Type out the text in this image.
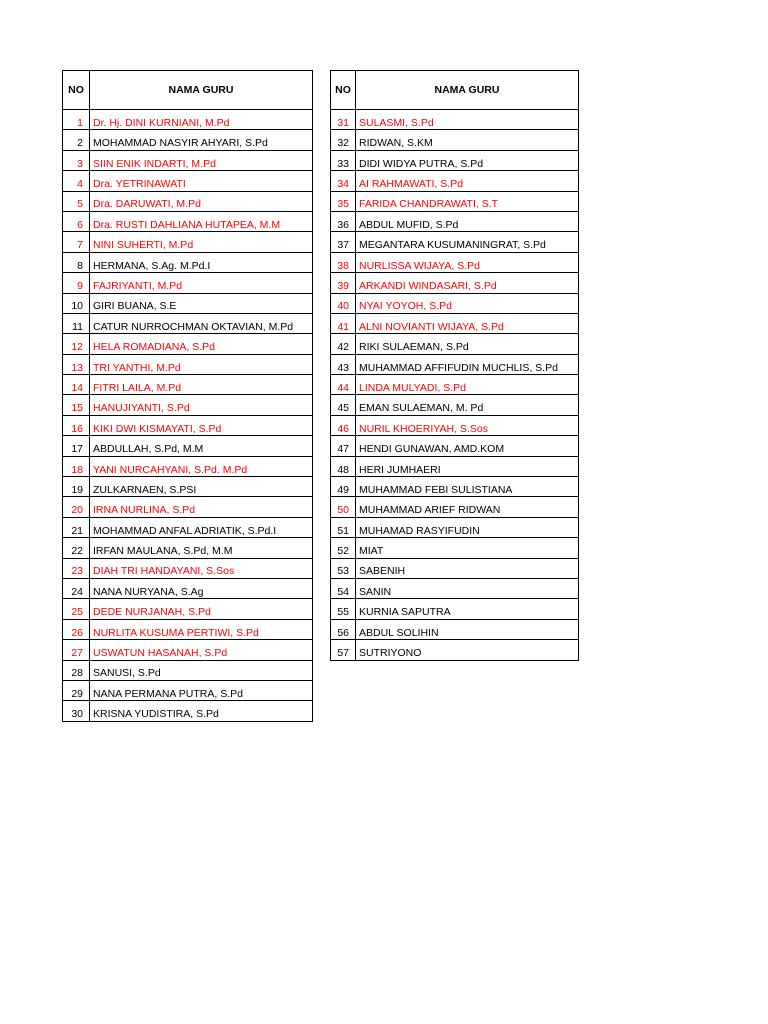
NO	NAMA GURU
1	Dr. Hj. DINI KURNIANI, M.Pd
2	MOHAMMAD NASYIR AHYARI, S.Pd
3	SIIN ENIK INDARTI, M.Pd
4	Dra. YETRINAWATI
5	Dra. DARUWATI, M.Pd
6	Dra. RUSTI DAHLIANA HUTAPEA, M.M
7	NINI SUHERTI, M.Pd
8	HERMANA, S.Ag. M.Pd.I
9	FAJRIYANTI, M.Pd
10	GIRI BUANA, S.E
11	CATUR NURROCHMAN OKTAVIAN, M.Pd
12	HELA ROMADIANA, S.Pd
13	TRI YANTHI, M.Pd
14	FITRI LAILA, M.Pd
15	HANUJIYANTI, S.Pd
16	KIKI DWI KISMAYATI, S.Pd
17	ABDULLAH, S.Pd, M.M
18	YANI NURCAHYANI, S.Pd. M.Pd
19	ZULKARNAEN, S.PSI
20	IRNA NURLINA, S.Pd
21	MOHAMMAD ANFAL ADRIATIK, S.Pd.I
22	IRFAN MAULANA, S.Pd, M.M
23	DIAH TRI HANDAYANI, S.Sos
24	NANA NURYANA, S.Ag
25	DEDE NURJANAH, S.Pd
26	NURLITA KUSUMA PERTIWI, S.Pd
27	USWATUN HASANAH, S.Pd
28	SANUSI, S.Pd
29	NANA PERMANA PUTRA, S.Pd
30	KRISNA YUDISTIRA, S.Pd
NO	NAMA GURU
31	SULASMI, S.Pd
32	RIDWAN, S.KM
33	DIDI WIDYA PUTRA, S.Pd
34	AI RAHMAWATI, S.Pd
35	FARIDA CHANDRAWATI, S.T
36	ABDUL MUFID, S.Pd
37	MEGANTARA KUSUMANINGRAT, S.Pd
38	NURLISSA WIJAYA, S.Pd
39	ARKANDI WINDASARI, S.Pd
40	NYAI YOYOH, S.Pd
41	ALNI NOVIANTI WIJAYA, S.Pd
42	RIKI SULAEMAN, S.Pd
43	MUHAMMAD AFFIFUDIN MUCHLIS, S.Pd
44	LINDA MULYADI, S.Pd
45	EMAN SULAEMAN, M. Pd
46	NURIL KHOERIYAH, S.Sos
47	HENDI GUNAWAN, AMD.KOM
48	HERI JUMHAERI
49	MUHAMMAD FEBI SULISTIANA
50	MUHAMMAD ARIEF RIDWAN
51	MUHAMAD RASYIFUDIN
52	MIAT
53	SABENIH
54	SANIN
55	KURNIA SAPUTRA
56	ABDUL SOLIHIN
57	SUTRIYONO
